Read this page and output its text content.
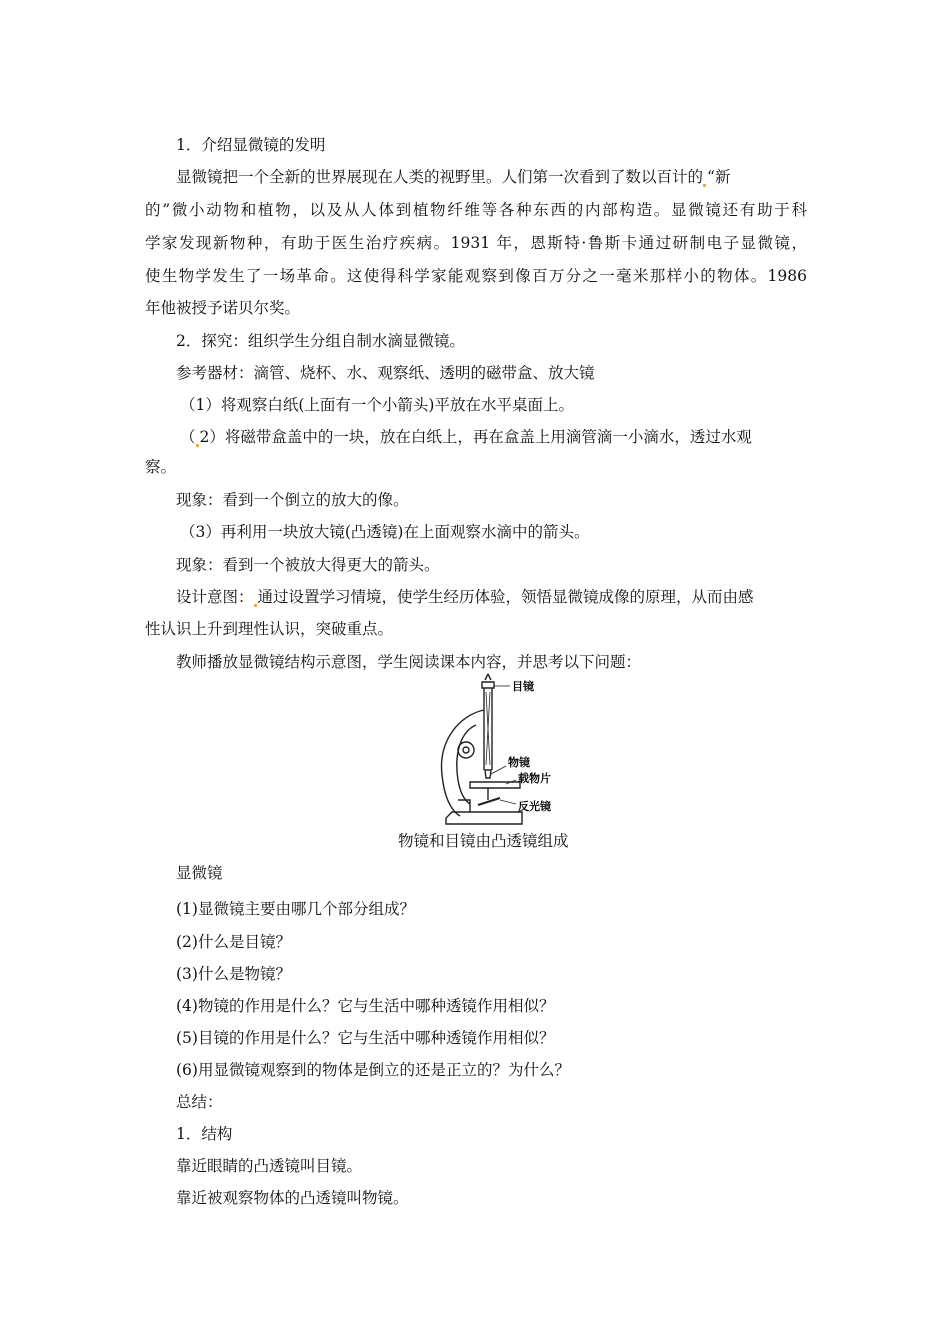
1．介绍显微镜的发明
显微镜把一个全新的世界展现在人类的视野里。人们第一次看到了数以百计的 “新
的”微小动物和植物，以及从人体到植物纤维等各种东西的内部构造。显微镜还有助于科
学家发现新物种，有助于医生治疗疾病。1931 年，恩斯特·鲁斯卡通过研制电子显微镜，
使生物学发生了一场革命。这使得科学家能观察到像百万分之一毫米那样小的物体。1986
年他被授予诺贝尔奖。
2．探究：组织学生分组自制水滴显微镜。
参考器材：滴管、烧杯、水、观察纸、透明的磁带盒、放大镜
（1）将观察白纸(上面有一个小箭头)平放在水平桌面上。
（ 2）将磁带盒盖中的一块，放在白纸上，再在盒盖上用滴管滴一小滴水，透过水观
察。
现象：看到一个倒立的放大的像。
（3）再利用一块放大镜(凸透镜)在上面观察水滴中的箭头。
现象：看到一个被放大得更大的箭头。
设计意图： 通过设置学习情境，使学生经历体验，领悟显微镜成像的原理，从而由感
性认识上升到理性认识，突破重点。
教师播放显微镜结构示意图，学生阅读课本内容，并思考以下问题：
目镜
物镜
载物片
反光镜
物镜和目镜由凸透镜组成
显微镜
(1)显微镜主要由哪几个部分组成？
(2)什么是目镜？
(3)什么是物镜？
(4)物镜的作用是什么？它与生活中哪种透镜作用相似？
(5)目镜的作用是什么？它与生活中哪种透镜作用相似？
(6)用显微镜观察到的物体是倒立的还是正立的？为什么？
总结：
1．结构
靠近眼睛的凸透镜叫目镜。
靠近被观察物体的凸透镜叫物镜。
